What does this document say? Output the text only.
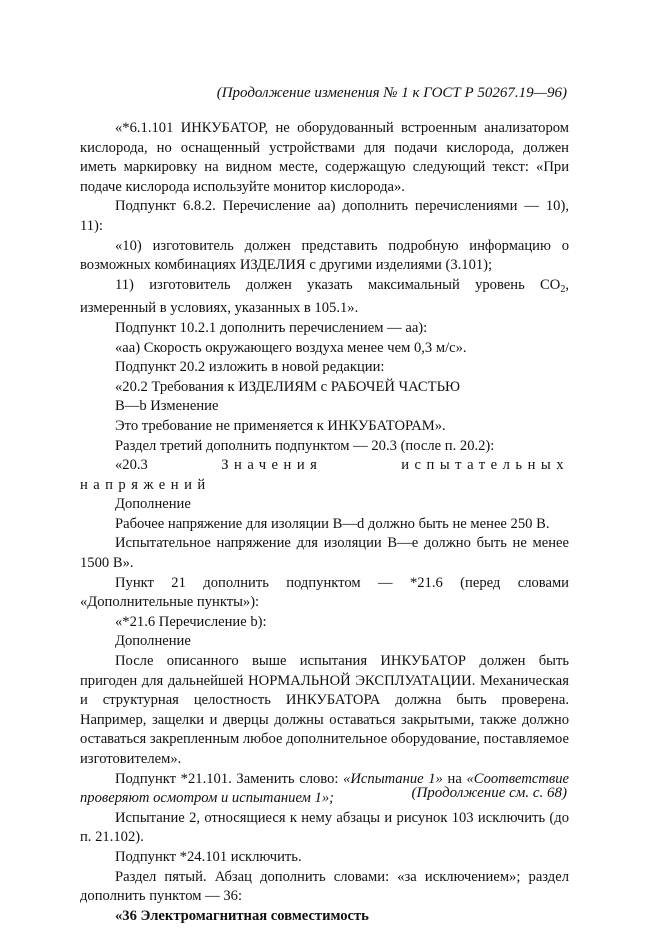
(Продолжение изменения № 1 к ГОСТ Р 50267.19—96)

«*6.1.101 ИНКУБАТОР, не оборудованный встроенным анализатором кислорода, но оснащенный устройствами для подачи кислорода, должен иметь маркировку на видном месте, содержащую следующий текст: «При подаче кислорода используйте монитор кислорода».

Подпункт 6.8.2. Перечисление аа) дополнить перечислениями — 10), 11):

«10) изготовитель должен представить подробную информацию о возможных комбинациях ИЗДЕЛИЯ с другими изделиями (3.101);

11) изготовитель должен указать максимальный уровень $CO_2$, измеренный в условиях, указанных в 105.1».

Подпункт 10.2.1 дополнить перечислением — аа):

«аа) Скорость окружающего воздуха менее чем 0,3 м/с».

Подпункт 20.2 изложить в новой редакции:

«20.2 Требования к ИЗДЕЛИЯМ с РАБОЧЕЙ ЧАСТЬЮ

B—b Изменение

Это требование не применяется к ИНКУБАТОРАМ».

Раздел третий дополнить подпунктом — 20.3 (после п. 20.2):

«20.3	Значения испытательных напряжений

Дополнение

Рабочее напряжение для изоляции B—d должно быть не менее 250 В.

Испытательное напряжение для изоляции B—e должно быть не менее 1500 В».

Пункт 21 дополнить подпунктом — *21.6 (перед словами «Дополнительные пункты»):

«*21.6 Перечисление b):

Дополнение

После описанного выше испытания ИНКУБАТОР должен быть пригоден для дальнейшей НОРМАЛЬНОЙ ЭКСПЛУАТАЦИИ. Механическая и структурная целостность ИНКУБАТОРА должна быть проверена. Например, защелки и дверцы должны оставаться закрытыми, также должно оставаться закрепленным любое дополнительное оборудование, поставляемое изготовителем».

Подпункт *21.101. Заменить слово: «Испытание 1» на «Соответствие проверяют осмотром и испытанием 1»;

Испытание 2, относящиеся к нему абзацы и рисунок 103 исключить (до п. 21.102).

Подпункт *24.101 исключить.

Раздел пятый. Абзац дополнить словами: «за исключением»; раздел дополнить пунктом — 36:

«36 Электромагнитная совместимость

(Продолжение см. с. 68)
